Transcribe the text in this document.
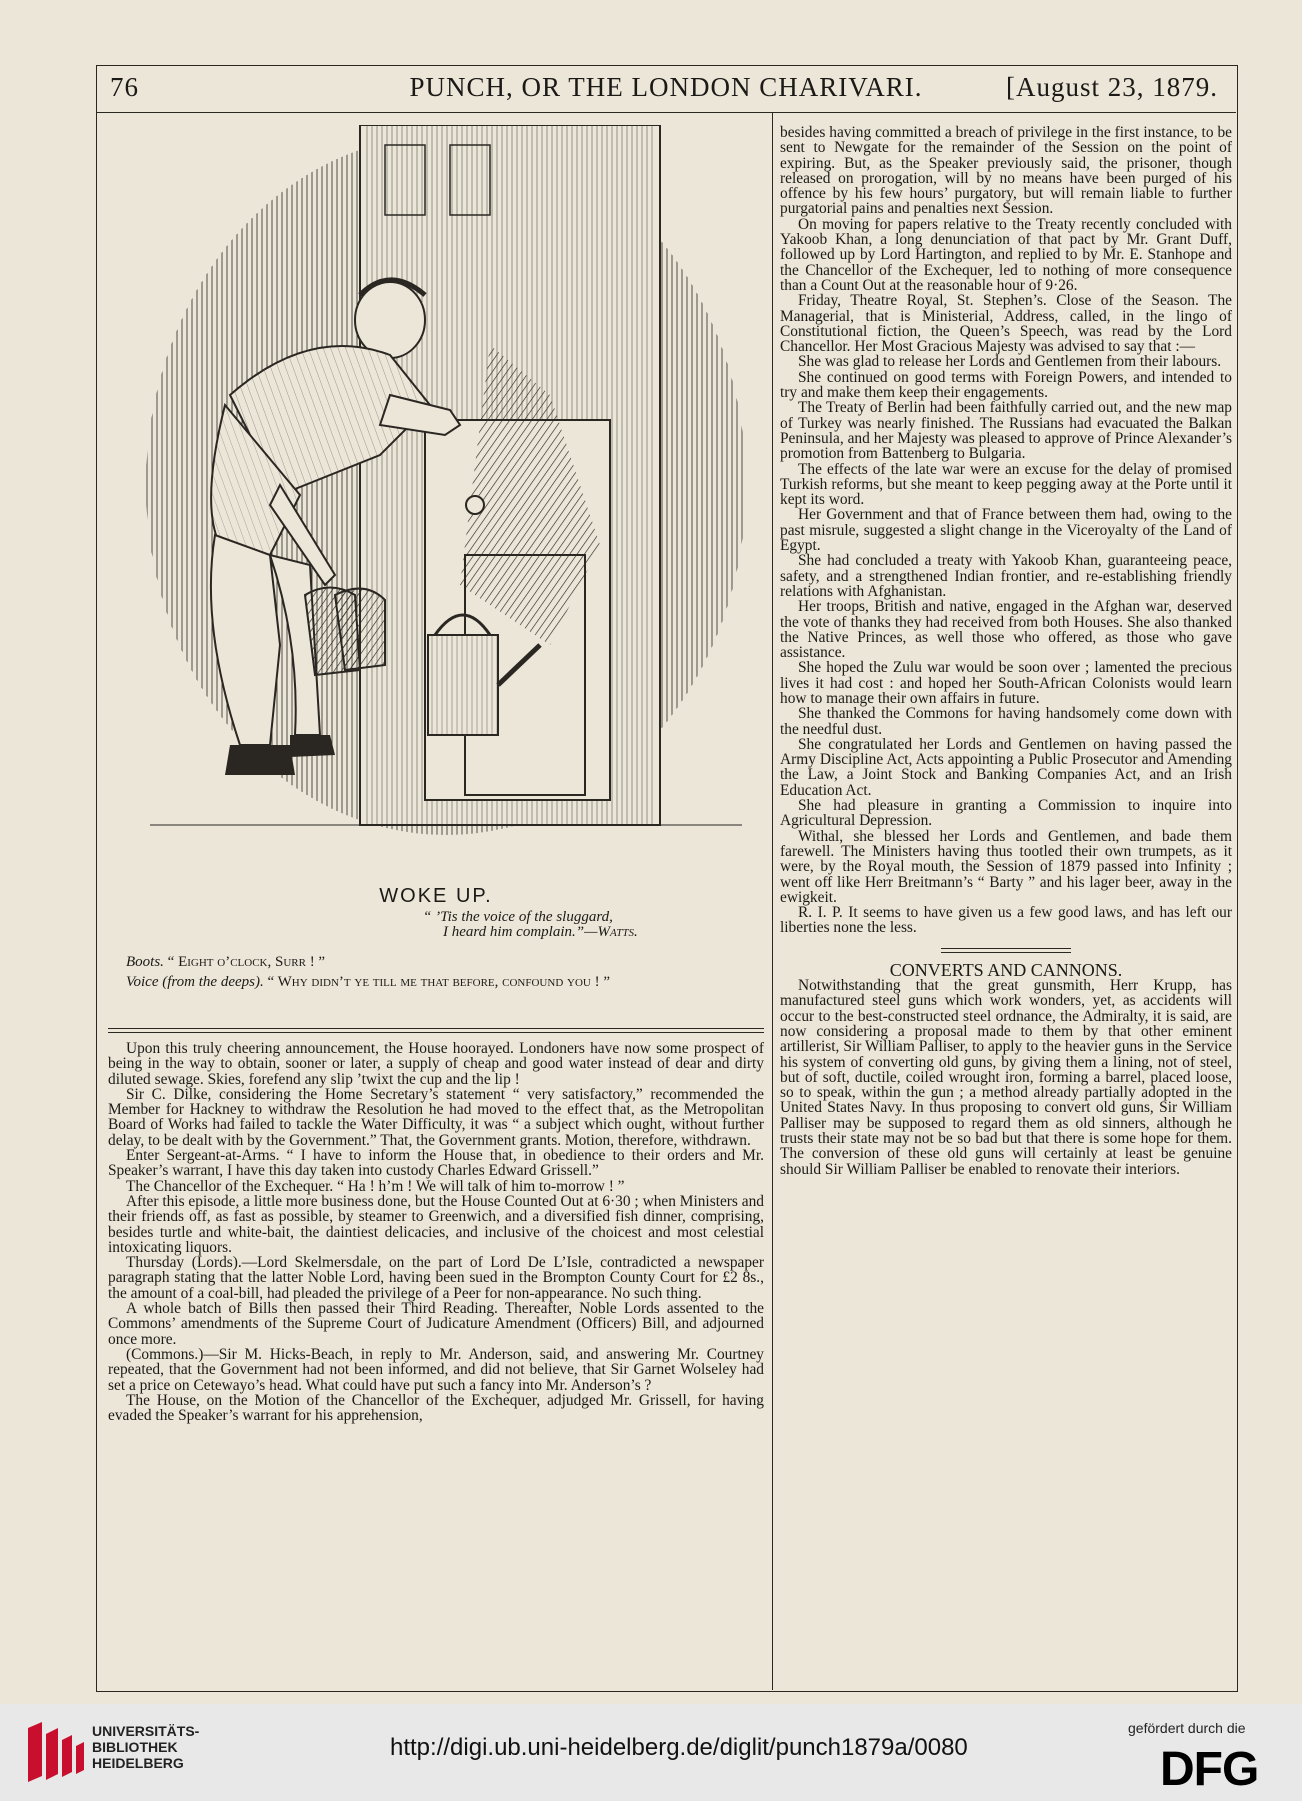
76	PUNCH, OR THE LONDON CHARIVARI.	[August 23, 1879.
WOKE UP.
“ ’Tis the voice of the sluggard,
I heard him complain.”—Watts.

Boots. “ Eight o’clock, Surr ! ”

Voice (from the deeps). “ Why didn’t ye till me that before, confound you ! ”

Upon this truly cheering announcement, the House hoorayed. Londoners have now some prospect of being in the way to obtain, sooner or later, a supply of cheap and good water instead of dear and dirty diluted sewage. Skies, forefend any slip ’twixt the cup and the lip !

Sir C. Dilke, considering the Home Secretary’s statement “ very satisfactory,” recommended the Member for Hackney to withdraw the Resolution he had moved to the effect that, as the Metropolitan Board of Works had failed to tackle the Water Difficulty, it was “ a subject which ought, without further delay, to be dealt with by the Government.” That, the Government grants. Motion, therefore, withdrawn.

Enter Sergeant-at-Arms. “ I have to inform the House that, in obedience to their orders and Mr. Speaker’s warrant, I have this day taken into custody Charles Edward Grissell.”

The Chancellor of the Exchequer. “ Ha ! h’m ! We will talk of him to-morrow ! ”

After this episode, a little more business done, but the House Counted Out at 6·30 ; when Ministers and their friends off, as fast as possible, by steamer to Greenwich, and a diversified fish dinner, comprising, besides turtle and white-bait, the daintiest delicacies, and inclusive of the choicest and most celestial intoxicating liquors.

Thursday (Lords).—Lord Skelmersdale, on the part of Lord De L’Isle, contradicted a newspaper paragraph stating that the latter Noble Lord, having been sued in the Brompton County Court for £2 8s., the amount of a coal-bill, had pleaded the privilege of a Peer for non-appearance. No such thing.

A whole batch of Bills then passed their Third Reading. Thereafter, Noble Lords assented to the Commons’ amendments of the Supreme Court of Judicature Amendment (Officers) Bill, and adjourned once more.

(Commons.)—Sir M. Hicks-Beach, in reply to Mr. Anderson, said, and answering Mr. Courtney repeated, that the Government had not been informed, and did not believe, that Sir Garnet Wolseley had set a price on Cetewayo’s head. What could have put such a fancy into Mr. Anderson’s ?

The House, on the Motion of the Chancellor of the Exchequer, adjudged Mr. Grissell, for having evaded the Speaker’s warrant for his apprehension,

besides having committed a breach of privilege in the first instance, to be sent to Newgate for the remainder of the Session on the point of expiring. But, as the Speaker previously said, the prisoner, though released on prorogation, will by no means have been purged of his offence by his few hours’ purgatory, but will remain liable to further purgatorial pains and penalties next Session.

On moving for papers relative to the Treaty recently concluded with Yakoob Khan, a long denunciation of that pact by Mr. Grant Duff, followed up by Lord Hartington, and replied to by Mr. E. Stanhope and the Chancellor of the Exchequer, led to nothing of more consequence than a Count Out at the reasonable hour of 9·26.

Friday, Theatre Royal, St. Stephen’s. Close of the Season. The Managerial, that is Ministerial, Address, called, in the lingo of Constitutional fiction, the Queen’s Speech, was read by the Lord Chancellor. Her Most Gracious Majesty was advised to say that :—

She was glad to release her Lords and Gentlemen from their labours.

She continued on good terms with Foreign Powers, and intended to try and make them keep their engagements.

The Treaty of Berlin had been faithfully carried out, and the new map of Turkey was nearly finished. The Russians had evacuated the Balkan Peninsula, and her Majesty was pleased to approve of Prince Alexander’s promotion from Battenberg to Bulgaria.

The effects of the late war were an excuse for the delay of promised Turkish reforms, but she meant to keep pegging away at the Porte until it kept its word.

Her Government and that of France between them had, owing to the past misrule, suggested a slight change in the Viceroyalty of the Land of Egypt.

She had concluded a treaty with Yakoob Khan, guaranteeing peace, safety, and a strengthened Indian frontier, and re-establishing friendly relations with Afghanistan.

Her troops, British and native, engaged in the Afghan war, deserved the vote of thanks they had received from both Houses. She also thanked the Native Princes, as well those who offered, as those who gave assistance.

She hoped the Zulu war would be soon over ; lamented the precious lives it had cost : and hoped her South-African Colonists would learn how to manage their own affairs in future.

She thanked the Commons for having handsomely come down with the needful dust.

She congratulated her Lords and Gentlemen on having passed the Army Discipline Act, Acts appointing a Public Prosecutor and Amending the Law, a Joint Stock and Banking Companies Act, and an Irish Education Act.

She had pleasure in granting a Commission to inquire into Agricultural Depression.

Withal, she blessed her Lords and Gentlemen, and bade them farewell. The Ministers having thus tootled their own trumpets, as it were, by the Royal mouth, the Session of 1879 passed into Infinity ; went off like Herr Breitmann’s “ Barty ” and his lager beer, away in the ewigkeit.

R. I. P. It seems to have given us a few good laws, and has left our liberties none the less.

CONVERTS AND CANNONS.

Notwithstanding that the great gunsmith, Herr Krupp, has manufactured steel guns which work wonders, yet, as accidents will occur to the best-constructed steel ordnance, the Admiralty, it is said, are now considering a proposal made to them by that other eminent artillerist, Sir William Palliser, to apply to the heavier guns in the Service his system of converting old guns, by giving them a lining, not of steel, but of soft, ductile, coiled wrought iron, forming a barrel, placed loose, so to speak, within the gun ; a method already partially adopted in the United States Navy. In thus proposing to convert old guns, Sir William Palliser may be supposed to regard them as old sinners, although he trusts their state may not be so bad but that there is some hope for them. The conversion of these old guns will certainly at least be genuine should Sir William Palliser be enabled to renovate their interiors.

UNIVERSITÄTS-
BIBLIOTHEK
HEIDELBERG
http://digi.ub.uni-heidelberg.de/diglit/punch1879a/0080
gefördert durch die
DFG
